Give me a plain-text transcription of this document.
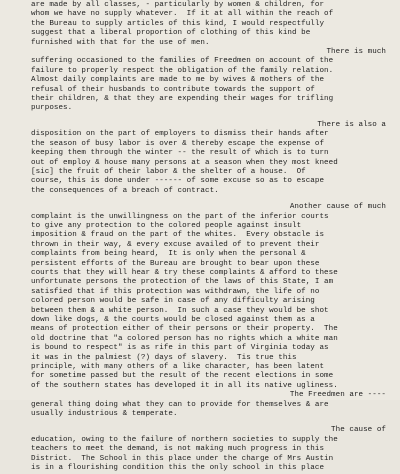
are made by all classes, - particularly by women & children, for
whom we have no supply whatever.  If it at all within the reach of
the Bureau to supply articles of this kind, I would respectfully
suggest that a liberal proportion of clothing of this kind be
furnished with that for the use of men.
There is much
suffering occasioned to the families of Freedmen on account of the
failure to properly respect the obligation of the family relation.
Almost daily complaints are made to me by wives & mothers of the
refusal of their husbands to contribute towards the support of
their children, & that they are expending their wages for trifling
purposes.
There is also a
disposition on the part of employers to dismiss their hands after
the season of busy labor is over & thereby escape the expense of
keeping them through the winter -- the result of which is to turn
out of employ & house many persons at a season when they most kneed
[sic] the fruit of their labor & the shelter of a house.  Of
course, this is done under ------ of some excuse so as to escape
the consequences of a breach of contract.
Another cause of much
complaint is the unwillingness on the part of the inferior courts
to give any protection to the colored people against insult
imposition & fraud on the part of the whites.  Every obstacle is
thrown in their way, & every excuse availed of to prevent their
complaints from being heard,  It is only when the personal &
persistent efforts of the Bureau are brought to bear upon these
courts that they will hear & try these complaints & afford to these
unfortunate persons the protection of the laws of this State, I am
satisfied that if this protection was withdrawn, the life of no
colored person would be safe in case of any difficulty arising
between them & a white person.  In such a case they would be shot
down like dogs, & the courts would be closed against them as a
means of protection either of their persons or their property.  The
old doctrine that "a colored person has no rights which a white man
is bound to respect" is as rife in this part of Virginia today as
it was in the palmiest (?) days of slavery.  Tis true this
principle, with many others of a like character, has been latent
for sometime passed but the result of the recent elections in some
of the southern states has developed it in all its native ugliness.
The Freedmen are ----
general thing doing what they can to provide for themselves & are
usually industrious & temperate.
The cause of
education, owing to the failure of northern societies to supply the
teachers to meet the demand, is not making much progress in this
District.  The School in this place under the charge of Mrs Austin
is in a flourishing condition this the only school in this place
